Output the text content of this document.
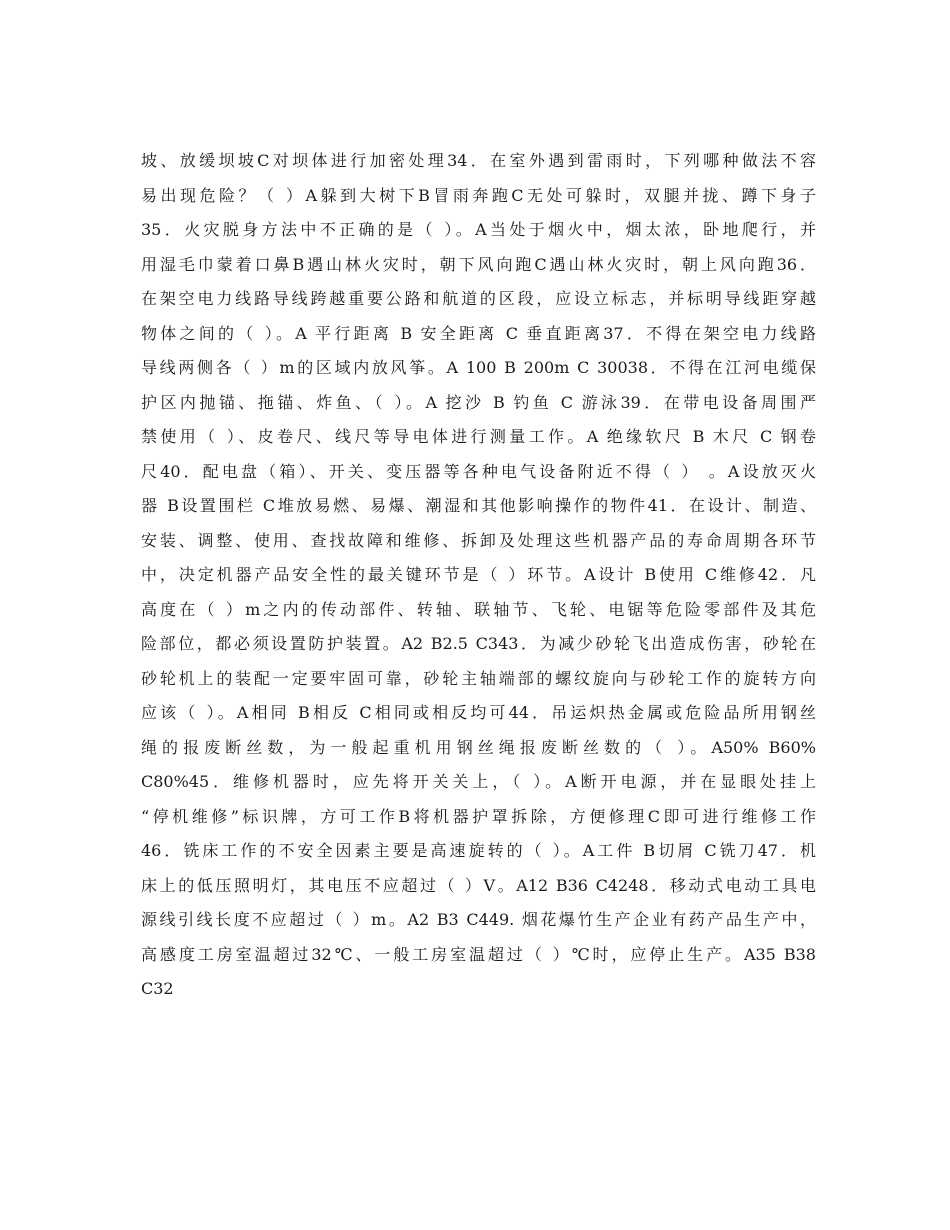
坡、放缓坝坡C对坝体进行加密处理34．在室外遇到雷雨时，下列哪种做法不容
易出现危险？（ ）A躲到大树下B冒雨奔跑C无处可躲时，双腿并拢、蹲下身子
35．火灾脱身方法中不正确的是（ ）。A当处于烟火中，烟太浓，卧地爬行，并
用湿毛巾蒙着口鼻B遇山林火灾时，朝下风向跑C遇山林火灾时，朝上风向跑36．
在架空电力线路导线跨越重要公路和航道的区段，应设立标志，并标明导线距穿越
物体之间的（ ）。A 平行距离 B 安全距离 C 垂直距离37．不得在架空电力线路
导线两侧各（ ）m的区域内放风筝。A 100 B 200m C 30038．不得在江河电缆保
护区内抛锚、拖锚、炸鱼、（ ）。A 挖沙 B 钓鱼 C 游泳39．在带电设备周围严
禁使用（ ）、皮卷尺、线尺等导电体进行测量工作。A 绝缘软尺 B 木尺 C 钢卷
尺40．配电盘（箱）、开关、变压器等各种电气设备附近不得（ ） 。A设放灭火
器 B设置围栏 C堆放易燃、易爆、潮湿和其他影响操作的物件41．在设计、制造、
安装、调整、使用、查找故障和维修、拆卸及处理这些机器产品的寿命周期各环节
中，决定机器产品安全性的最关键环节是（ ）环节。A设计 B使用 C维修42．凡
高度在（ ）m之内的传动部件、转轴、联轴节、飞轮、电锯等危险零部件及其危
险部位，都必须设置防护装置。A2 B2.5 C343．为减少砂轮飞出造成伤害，砂轮在
砂轮机上的装配一定要牢固可靠，砂轮主轴端部的螺纹旋向与砂轮工作的旋转方向
应该（ ）。A相同 B相反 C相同或相反均可44．吊运炽热金属或危险品所用钢丝
绳的报废断丝数，为一般起重机用钢丝绳报废断丝数的（ ）。A50% B60%
C80%45．维修机器时，应先将开关关上，（ ）。A断开电源，并在显眼处挂上
“停机维修”标识牌，方可工作B将机器护罩拆除，方便修理C即可进行维修工作
46．铣床工作的不安全因素主要是高速旋转的（ ）。A工件 B切屑 C铣刀47．机
床上的低压照明灯，其电压不应超过（ ）V。A12 B36 C4248．移动式电动工具电
源线引线长度不应超过（ ）m。A2 B3 C449. 烟花爆竹生产企业有药产品生产中，
高感度工房室温超过32℃、一般工房室温超过（ ）℃时，应停止生产。A35 B38
C32
